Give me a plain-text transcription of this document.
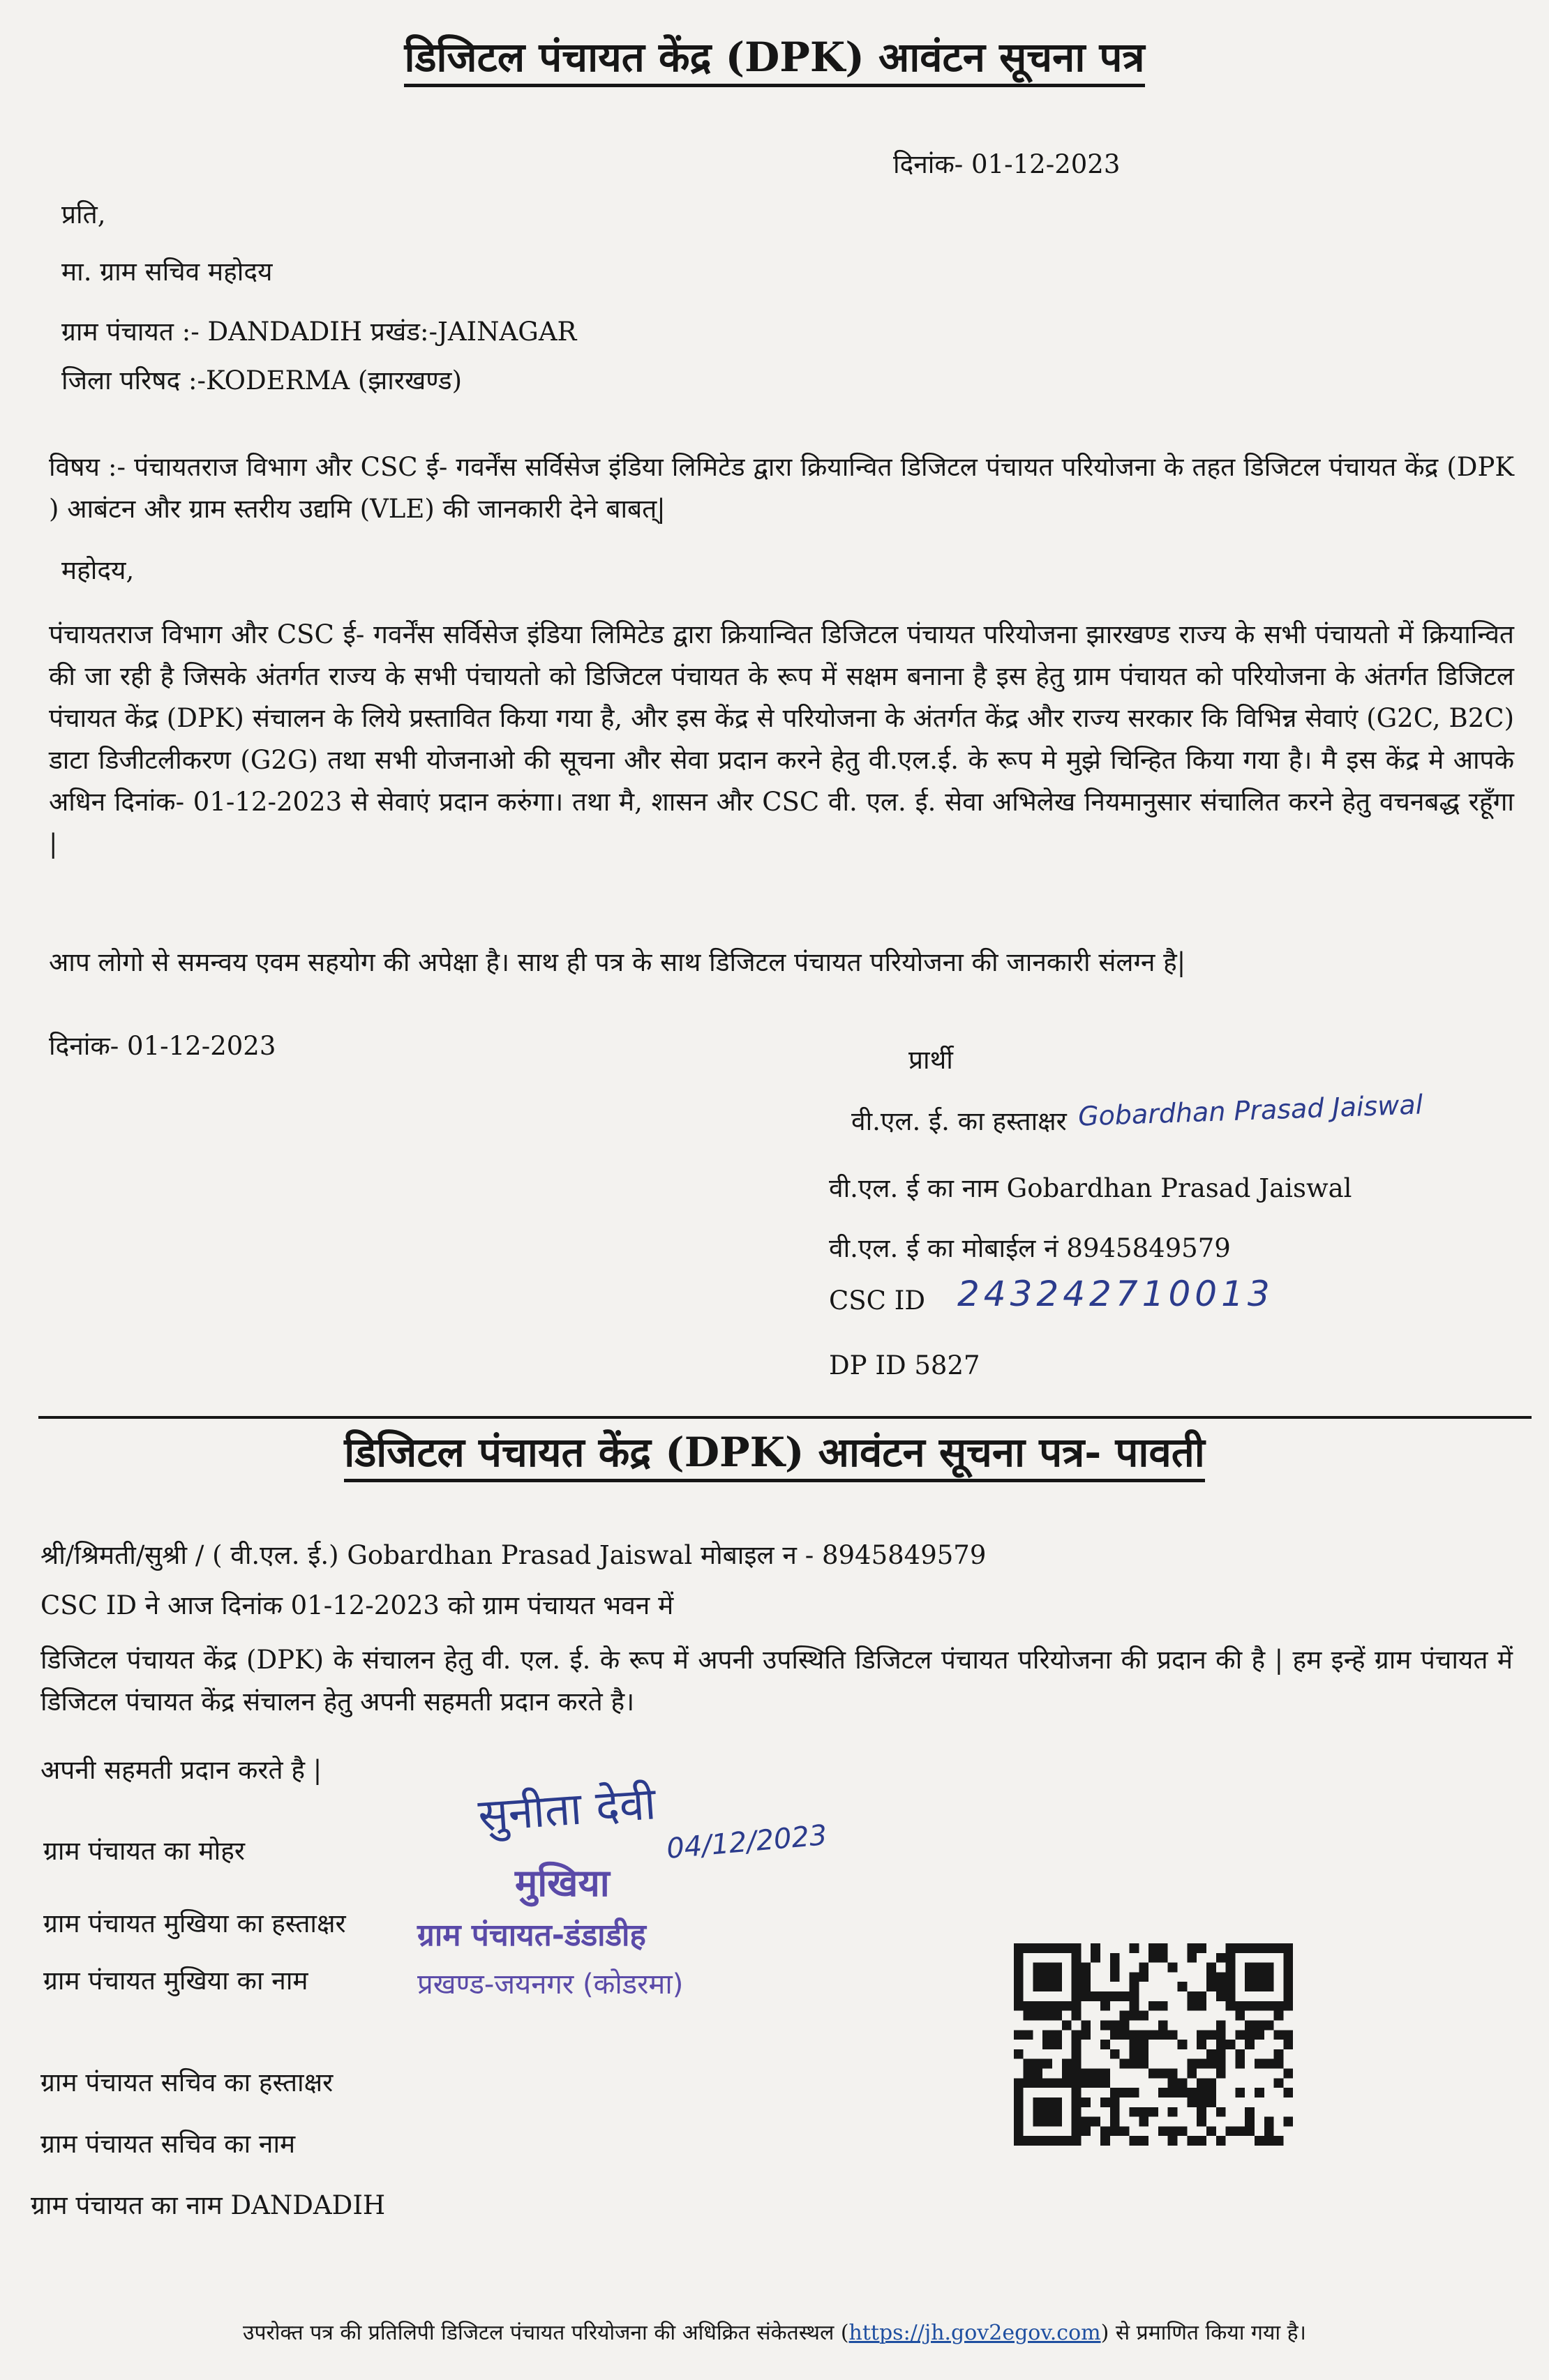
डिजिटल पंचायत केंद्र (DPK) आवंटन सूचना पत्र
दिनांक- 01-12-2023
प्रति,
मा. ग्राम सचिव महोदय
ग्राम पंचायत :- DANDADIH प्रखंड:-JAINAGAR
जिला परिषद :-KODERMA (झारखण्ड)
विषय :- पंचायतराज विभाग और CSC ई- गवर्नेंस सर्विसेज इंडिया लिमिटेड द्वारा क्रियान्वित डिजिटल पंचायत परियोजना के तहत डिजिटल पंचायत केंद्र (DPK ) आबंटन और ग्राम स्तरीय उद्यमि (VLE) की जानकारी देने बाबत्|
महोदय,
पंचायतराज विभाग और CSC ई- गवर्नेंस सर्विसेज इंडिया लिमिटेड द्वारा क्रियान्वित डिजिटल पंचायत परियोजना झारखण्ड राज्य के सभी पंचायतो में क्रियान्वित की जा रही है जिसके अंतर्गत राज्य के सभी पंचायतो को डिजिटल पंचायत के रूप में सक्षम बनाना है इस हेतु ग्राम पंचायत को परियोजना के अंतर्गत डिजिटल पंचायत केंद्र (DPK) संचालन के लिये प्रस्तावित किया गया है, और इस केंद्र से परियोजना के अंतर्गत केंद्र और राज्य सरकार कि विभिन्न सेवाएं (G2C, B2C) डाटा डिजीटलीकरण (G2G) तथा सभी योजनाओ की सूचना और सेवा प्रदान करने हेतु वी.एल.ई. के रूप मे मुझे चिन्हित किया गया है। मै इस केंद्र मे आपके अधिन दिनांक- 01-12-2023 से सेवाएं प्रदान करुंगा। तथा मै, शासन और CSC वी. एल. ई. सेवा अभिलेख नियमानुसार संचालित करने हेतु वचनबद्ध रहूँगा |
आप लोगो से समन्वय एवम सहयोग की अपेक्षा है। साथ ही पत्र के साथ डिजिटल पंचायत परियोजना की जानकारी संलग्न है|
दिनांक- 01-12-2023	प्रार्थी
वी.एल. ई. का हस्ताक्षर Gobardhan Prasad Jaiswal
वी.एल. ई का नाम Gobardhan Prasad Jaiswal
वी.एल. ई का मोबाईल नं 8945849579
CSC ID 243242710013
DP ID 5827
डिजिटल पंचायत केंद्र (DPK) आवंटन सूचना पत्र- पावती
श्री/श्रिमती/सुश्री / ( वी.एल. ई.) Gobardhan Prasad Jaiswal मोबाइल न - 8945849579
CSC ID ने आज दिनांक 01-12-2023 को ग्राम पंचायत भवन में
डिजिटल पंचायत केंद्र (DPK) के संचालन हेतु वी. एल. ई. के रूप में अपनी उपस्थिति डिजिटल पंचायत परियोजना की प्रदान की है | हम इन्हें ग्राम पंचायत में डिजिटल पंचायत केंद्र संचालन हेतु अपनी सहमती प्रदान करते है।
अपनी सहमती प्रदान करते है |
ग्राम पंचायत का मोहर
ग्राम पंचायत मुखिया का हस्ताक्षर
ग्राम पंचायत मुखिया का नाम
ग्राम पंचायत सचिव का हस्ताक्षर
ग्राम पंचायत सचिव का नाम
ग्राम पंचायत का नाम DANDADIH
सुनीता देवी
04/12/2023
मुखिया
ग्राम पंचायत-डंडाडीह
प्रखण्ड-जयनगर (कोडरमा)
उपरोक्त पत्र की प्रतिलिपी डिजिटल पंचायत परियोजना की अधिक्रित संकेतस्थल (https://jh.gov2egov.com) से प्रमाणित किया गया है।
